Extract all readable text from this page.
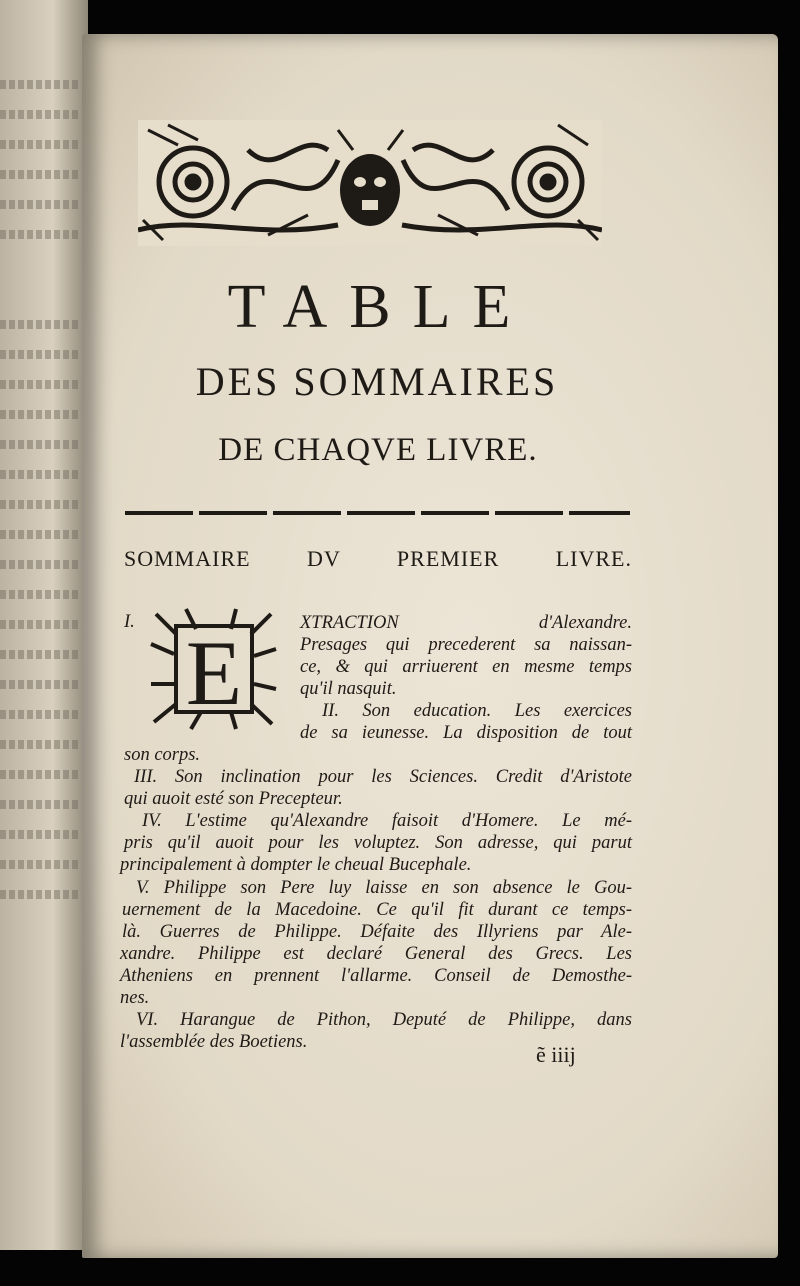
TABLE
DES SOMMAIRES
DE CHAQVE LIVRE.
SOMMAIRE DV PREMIER LIVRE.
I. E	XTRACTION d'Alexandre.
Presages qui precederent sa naissan-
ce, & qui arriuerent en mesme temps
qu'il nasquit.
II. Son education. Les exercices
de sa ieunesse. La disposition de tout
son corps.
III. Son inclination pour les Sciences. Credit d'Aristote
qui auoit esté son Precepteur.
IV. L'estime qu'Alexandre faisoit d'Homere. Le mé-
pris qu'il auoit pour les voluptez. Son adresse, qui parut
principalement à dompter le cheual Bucephale.
V. Philippe son Pere luy laisse en son absence le Gou-
uernement de la Macedoine. Ce qu'il fit durant ce temps-
là. Guerres de Philippe. Défaite des Illyriens par Ale-
xandre. Philippe est declaré General des Grecs. Les
Atheniens en prennent l'allarme. Conseil de Demosthe-
nes.
VI. Harangue de Pithon, Deputé de Philippe, dans
l'assemblée des Boetiens.	ẽ iiij
